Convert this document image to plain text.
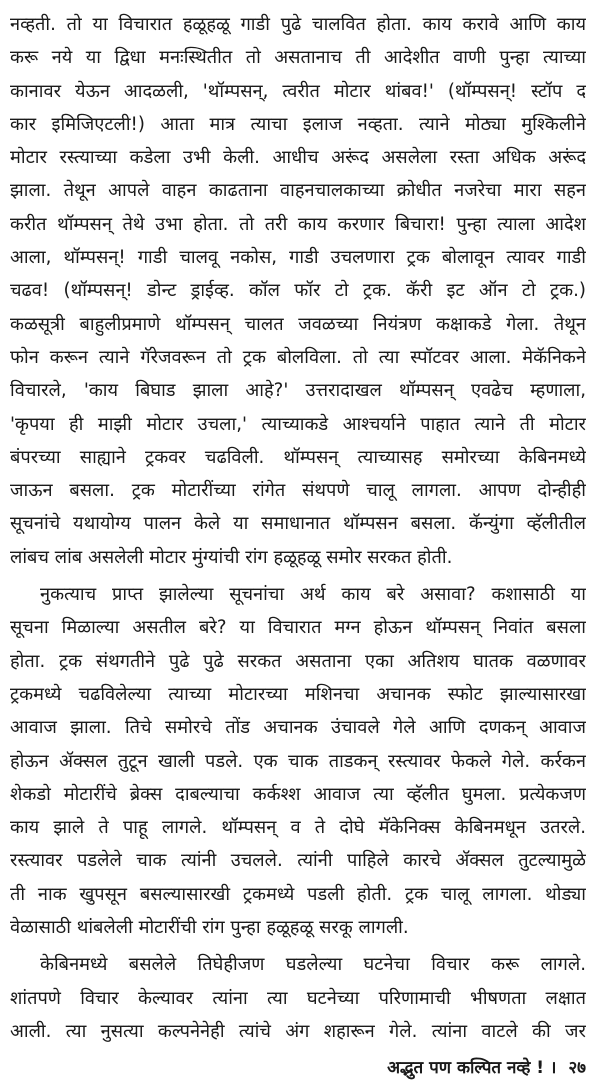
नव्हती. तो या विचारात हळूहळू गाडी पुढे चालवित होता. काय करावे आणि काय
करू नये या द्विधा मनःस्थितीत तो असतानाच ती आदेशीत वाणी पुन्हा त्याच्या
कानावर येऊन आदळली, 'थॉम्पसन्, त्वरीत मोटार थांबव!' (थॉम्पसन्! स्टॉप द
कार इमिजिएटली!) आता मात्र त्याचा इलाज नव्हता. त्याने मोठ्या मुश्किलीने
मोटार रस्त्याच्या कडेला उभी केली. आधीच अरूंद असलेला रस्ता अधिक अरूंद
झाला. तेथून आपले वाहन काढताना वाहनचालकाच्या क्रोधीत नजरेचा मारा सहन
करीत थॉम्पसन् तेथे उभा होता. तो तरी काय करणार बिचारा! पुन्हा त्याला आदेश
आला, थॉम्पसन्! गाडी चालवू नकोस, गाडी उचलणारा ट्रक बोलावून त्यावर गाडी
चढव! (थॉम्पसन्! डोन्ट ड्राईव्ह. कॉल फॉर टो ट्रक. कॅरी इट ऑन टो ट्रक.)
कळसूत्री बाहुलीप्रमाणे थॉम्पसन् चालत जवळच्या नियंत्रण कक्षाकडे गेला. तेथून
फोन करून त्याने गॅरेजवरून तो ट्रक बोलविला. तो त्या स्पॉटवर आला. मेकॅनिकने
विचारले, 'काय बिघाड झाला आहे?' उत्तरादाखल थॉम्पसन् एवढेच म्हणाला,
'कृपया ही माझी मोटार उचला,' त्याच्याकडे आश्चर्याने पाहात त्याने ती मोटार
बंपरच्या साह्याने ट्रकवर चढविली. थॉम्पसन् त्याच्यासह समोरच्या केबिनमध्ये
जाऊन बसला. ट्रक मोटारींच्या रांगेत संथपणे चालू लागला. आपण दोन्हीही
सूचनांचे यथायोग्य पालन केले या समाधानात थॉम्पसन बसला. कॅन्युंगा व्हॅलीतील
लांबच लांब असलेली मोटार मुंग्यांची रांग हळूहळू समोर सरकत होती.
नुकत्याच प्राप्त झालेल्या सूचनांचा अर्थ काय बरे असावा? कशासाठी या
सूचना मिळाल्या असतील बरे? या विचारात मग्न होऊन थॉम्पसन् निवांत बसला
होता. ट्रक संथगतीने पुढे पुढे सरकत असताना एका अतिशय घातक वळणावर
ट्रकमध्ये चढविलेल्या त्याच्या मोटारच्या मशिनचा अचानक स्फोट झाल्यासारखा
आवाज झाला. तिचे समोरचे तोंड अचानक उंचावले गेले आणि दणकन् आवाज
होऊन ॲक्सल तुटून खाली पडले. एक चाक ताडकन् रस्त्यावर फेकले गेले. कर्रकन
शेकडो मोटारींचे ब्रेक्स दाबल्याचा कर्कश्श आवाज त्या व्हॅलीत घुमला. प्रत्येकजण
काय झाले ते पाहू लागले. थॉम्पसन् व ते दोघे मॅकेनिक्स केबिनमधून उतरले.
रस्त्यावर पडलेले चाक त्यांनी उचलले. त्यांनी पाहिले कारचे ॲक्सल तुटल्यामुळे
ती नाक खुपसून बसल्यासारखी ट्रकमध्ये पडली होती. ट्रक चालू लागला. थोड्या
वेळासाठी थांबलेली मोटारींची रांग पुन्हा हळूहळू सरकू लागली.
केबिनमध्ये बसलेले तिघेहीजण घडलेल्या घटनेचा विचार करू लागले.
शांतपणे विचार केल्यावर त्यांना त्या घटनेच्या परिणामाची भीषणता लक्षात
आली. त्या नुसत्या कल्पनेनेही त्यांचे अंग शहारून गेले. त्यांना वाटले की जर
अद्भुत पण कल्पित नव्हे ! । २७
